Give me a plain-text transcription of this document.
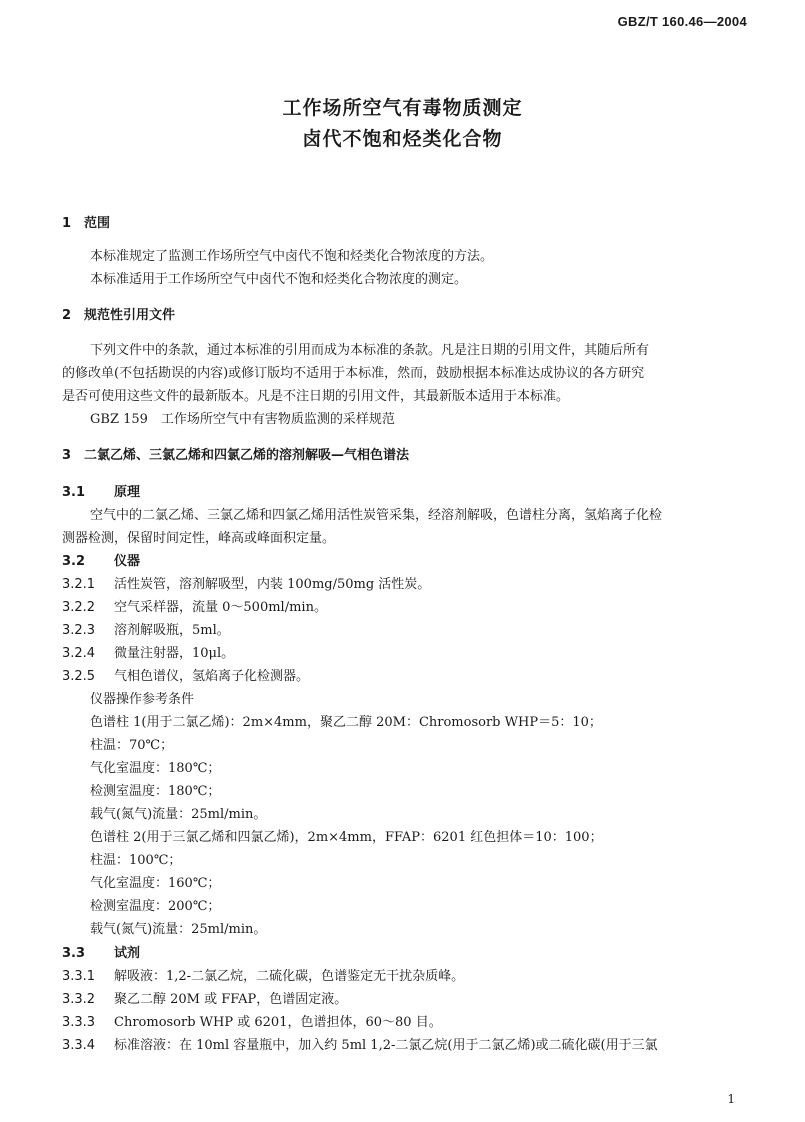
GBZ/T 160.46—2004
工作场所空气有毒物质测定
卤代不饱和烃类化合物
1 范围
本标准规定了监测工作场所空气中卤代不饱和烃类化合物浓度的方法。
本标准适用于工作场所空气中卤代不饱和烃类化合物浓度的测定。
2 规范性引用文件
下列文件中的条款，通过本标准的引用而成为本标准的条款。凡是注日期的引用文件，其随后所有
的修改单(不包括勘误的内容)或修订版均不适用于本标准，然而，鼓励根据本标准达成协议的各方研究
是否可使用这些文件的最新版本。凡是不注日期的引用文件，其最新版本适用于本标准。
GBZ 159　工作场所空气中有害物质监测的采样规范
3 二氯乙烯、三氯乙烯和四氯乙烯的溶剂解吸—气相色谱法
3.1 原理
空气中的二氯乙烯、三氯乙烯和四氯乙烯用活性炭管采集，经溶剂解吸，色谱柱分离，氢焰离子化检
测器检测，保留时间定性，峰高或峰面积定量。
3.2 仪器
3.2.1 活性炭管，溶剂解吸型，内装 100mg/50mg 活性炭。
3.2.2 空气采样器，流量 0～500ml/min。
3.2.3 溶剂解吸瓶，5ml。
3.2.4 微量注射器，10μl。
3.2.5 气相色谱仪，氢焰离子化检测器。
仪器操作参考条件
色谱柱 1(用于二氯乙烯)：2m×4mm，聚乙二醇 20M：Chromosorb WHP＝5：10；
柱温：70℃；
气化室温度：180℃；
检测室温度：180℃；
载气(氮气)流量：25ml/min。
色谱柱 2(用于三氯乙烯和四氯乙烯)，2m×4mm，FFAP：6201 红色担体＝10：100；
柱温：100℃；
气化室温度：160℃；
检测室温度：200℃；
载气(氮气)流量：25ml/min。
3.3 试剂
3.3.1 解吸液：1,2-二氯乙烷，二硫化碳，色谱鉴定无干扰杂质峰。
3.3.2 聚乙二醇 20M 或 FFAP，色谱固定液。
3.3.3 Chromosorb WHP 或 6201，色谱担体，60～80 目。
3.3.4 标准溶液：在 10ml 容量瓶中，加入约 5ml 1,2-二氯乙烷(用于二氯乙烯)或二硫化碳(用于三氯
1
